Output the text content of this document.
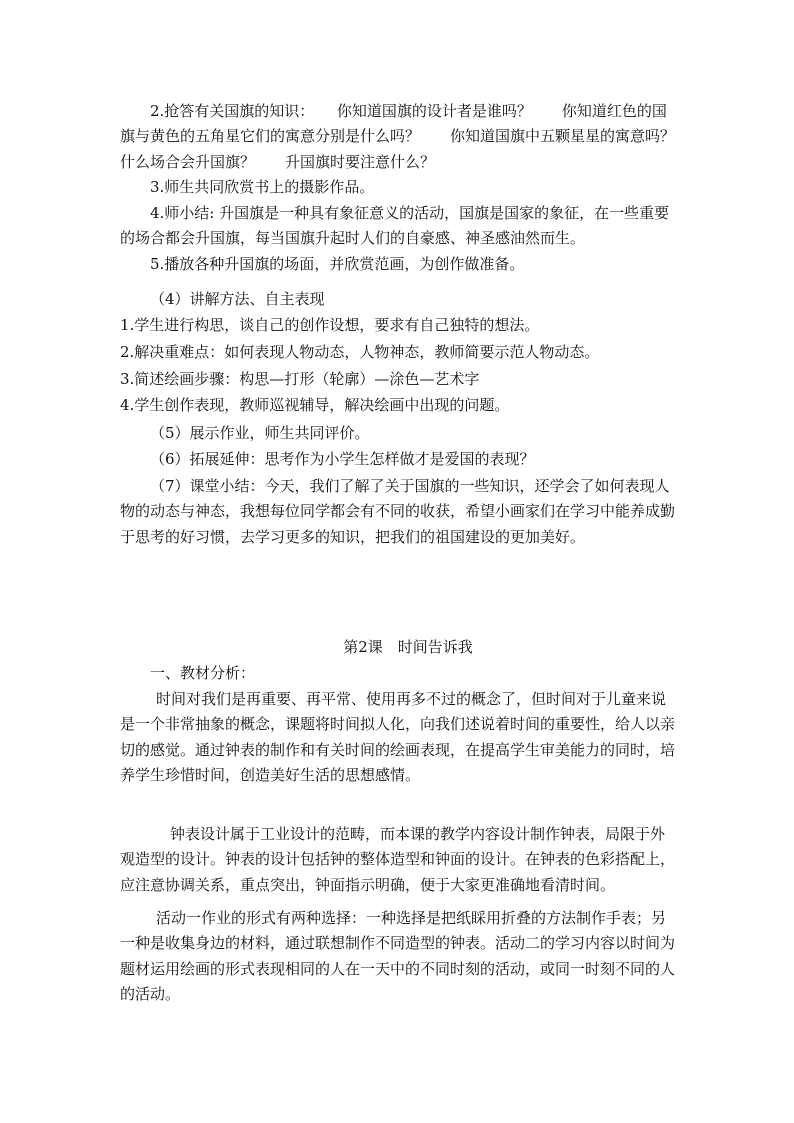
2.抢答有关国旗的知识：　　你知道国旗的设计者是谁吗？　　你知道红色的国旗与黄色的五角星它们的寓意分别是什么吗？　　你知道国旗中五颗星星的寓意吗？　　什么场合会升国旗？　　升国旗时要注意什么？

3.师生共同欣赏书上的摄影作品。

4.师小结: 升国旗是一种具有象征意义的活动，国旗是国家的象征，在一些重要的场合都会升国旗，每当国旗升起时人们的自豪感、神圣感油然而生。

5.播放各种升国旗的场面，并欣赏范画，为创作做准备。

（4）讲解方法、自主表现

1.学生进行构思，谈自己的创作设想，要求有自己独特的想法。

2.解决重难点：如何表现人物动态，人物神态，教师简要示范人物动态。

3.简述绘画步骤：构思—打形（轮廓）—涂色—艺术字

4.学生创作表现，教师巡视辅导，解决绘画中出现的问题。

（5）展示作业，师生共同评价。

（6）拓展延伸：思考作为小学生怎样做才是爱国的表现？

（7）课堂小结：今天，我们了解了关于国旗的一些知识，还学会了如何表现人物的动态与神态，我想每位同学都会有不同的收获，希望小画家们在学习中能养成勤于思考的好习惯，去学习更多的知识，把我们的祖国建设的更加美好。

第2课　时间告诉我

一、教材分析：

时间对我们是再重要、再平常、使用再多不过的概念了，但时间对于儿童来说是一个非常抽象的概念，课题将时间拟人化，向我们述说着时间的重要性，给人以亲切的感觉。通过钟表的制作和有关时间的绘画表现，在提高学生审美能力的同时，培养学生珍惜时间，创造美好生活的思想感情。

钟表设计属于工业设计的范畴，而本课的教学内容设计制作钟表，局限于外观造型的设计。钟表的设计包括钟的整体造型和钟面的设计。在钟表的色彩搭配上，应注意协调关系，重点突出，钟面指示明确，便于大家更准确地看清时间。

活动一作业的形式有两种选择：一种选择是把纸睬用折叠的方法制作手表；另一种是收集身边的材料，通过联想制作不同造型的钟表。活动二的学习内容以时间为题材运用绘画的形式表现相同的人在一天中的不同时刻的活动，或同一时刻不同的人的活动。
